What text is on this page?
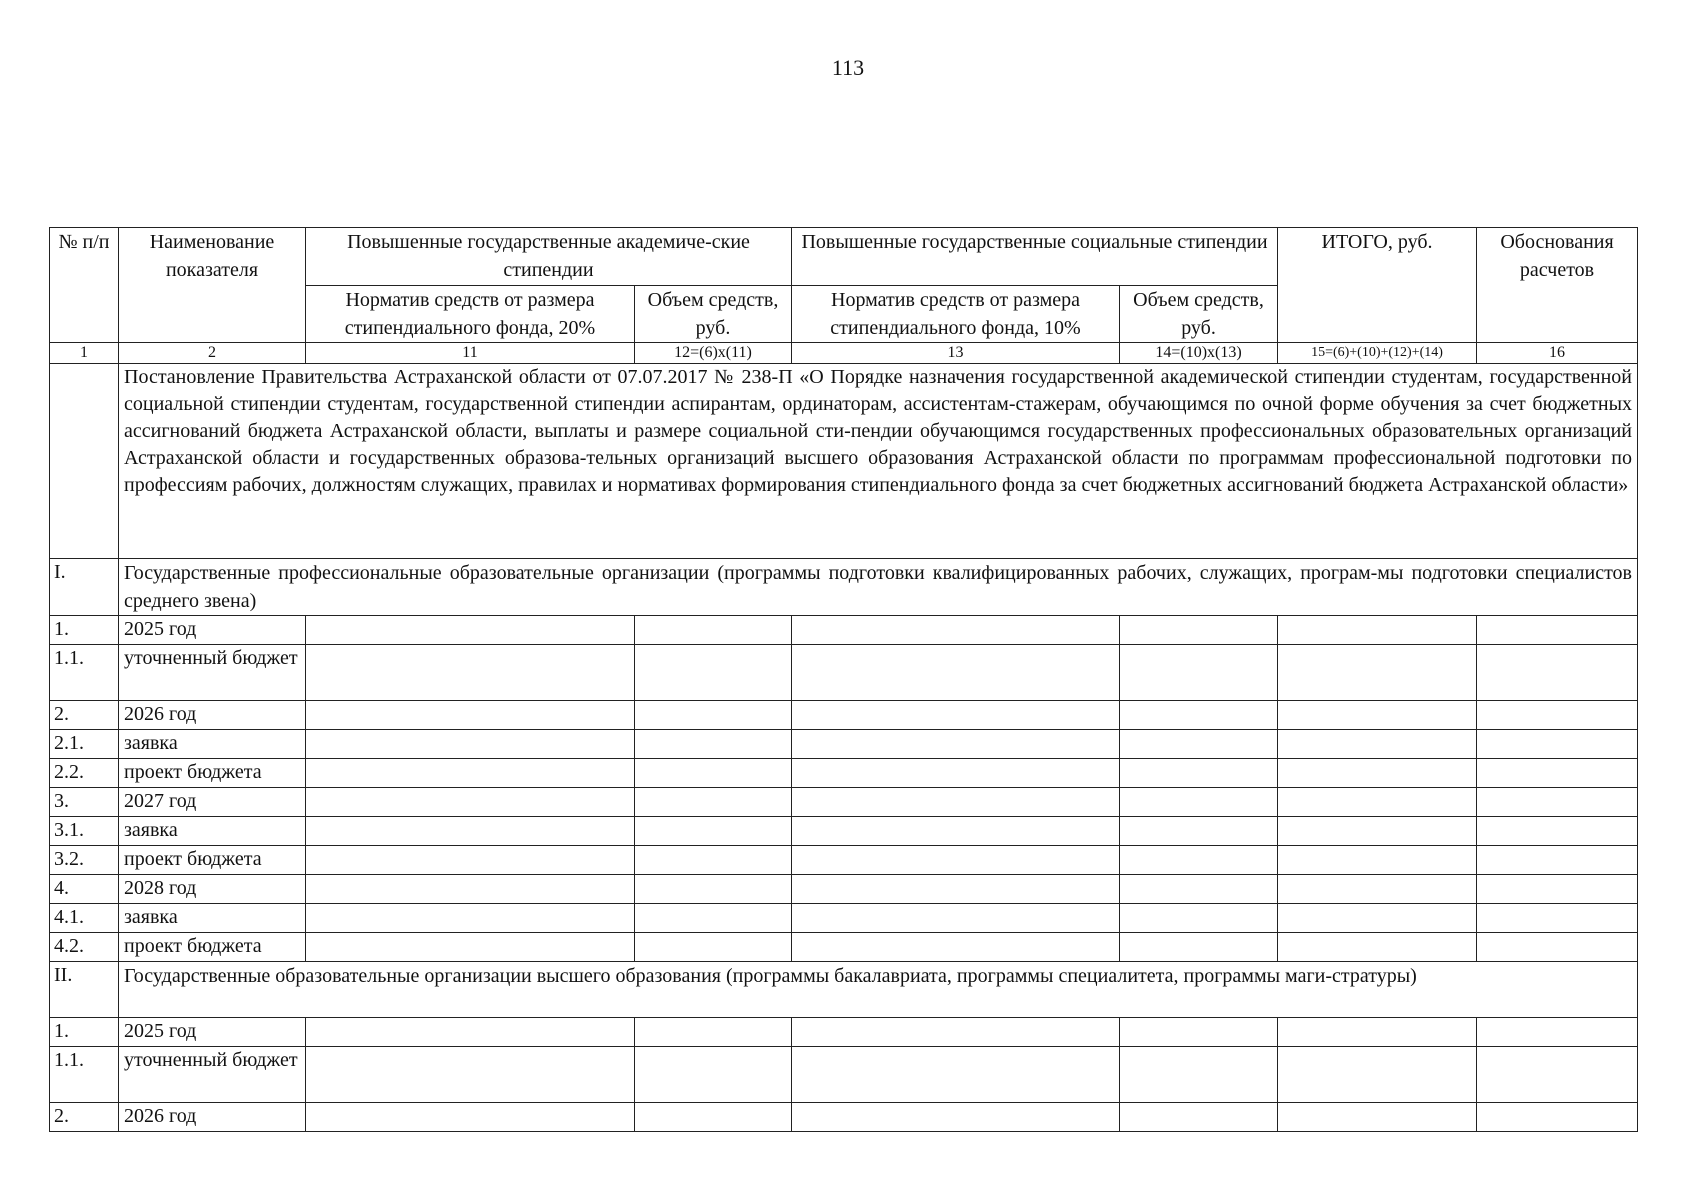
113
№ п/п	Наименование показателя	Повышенные государственные академиче-ские стипендии		Повышенные государственные социальные стипендии		ИТОГО, руб.	Обоснования расчетов
		Норматив средств от размера стипендиального фонда, 20%	Объем средств, руб.	Норматив средств от размера стипендиального фонда, 10%	Объем средств, руб.		
1	2	11	12=(6)x(11)	13	14=(10)x(13)	15=(6)+(10)+(12)+(14)	16
	Постановление Правительства Астраханской области от 07.07.2017 № 238-П «О Порядке назначения государственной академической стипендии студентам, государственной социальной стипендии студентам, государственной стипендии аспирантам, ординаторам, ассистентам-стажерам, обучающимся по очной форме обучения за счет бюджетных ассигнований бюджета Астраханской области, выплаты и размере социальной сти-пендии обучающимся государственных профессиональных образовательных организаций Астраханской области и государственных образова-тельных организаций высшего образования Астраханской области по программам профессиональной подготовки по профессиям рабочих, должностям служащих, правилах и нормативах формирования стипендиального фонда за счет бюджетных ассигнований бюджета Астраханской области»						
I.	Государственные профессиональные образовательные организации (программы подготовки квалифицированных рабочих, служащих, програм-мы подготовки специалистов среднего звена)						
1.	2025 год						
1.1.	уточненный бюджет						
2.	2026 год						
2.1.	заявка						
2.2.	проект бюджета						
3.	2027 год						
3.1.	заявка						
3.2.	проект бюджета						
4.	2028 год						
4.1.	заявка						
4.2.	проект бюджета						
II.	Государственные образовательные организации высшего образования (программы бакалавриата, программы специалитета, программы маги-стратуры)						
1.	2025 год						
1.1.	уточненный бюджет						
2.	2026 год						
